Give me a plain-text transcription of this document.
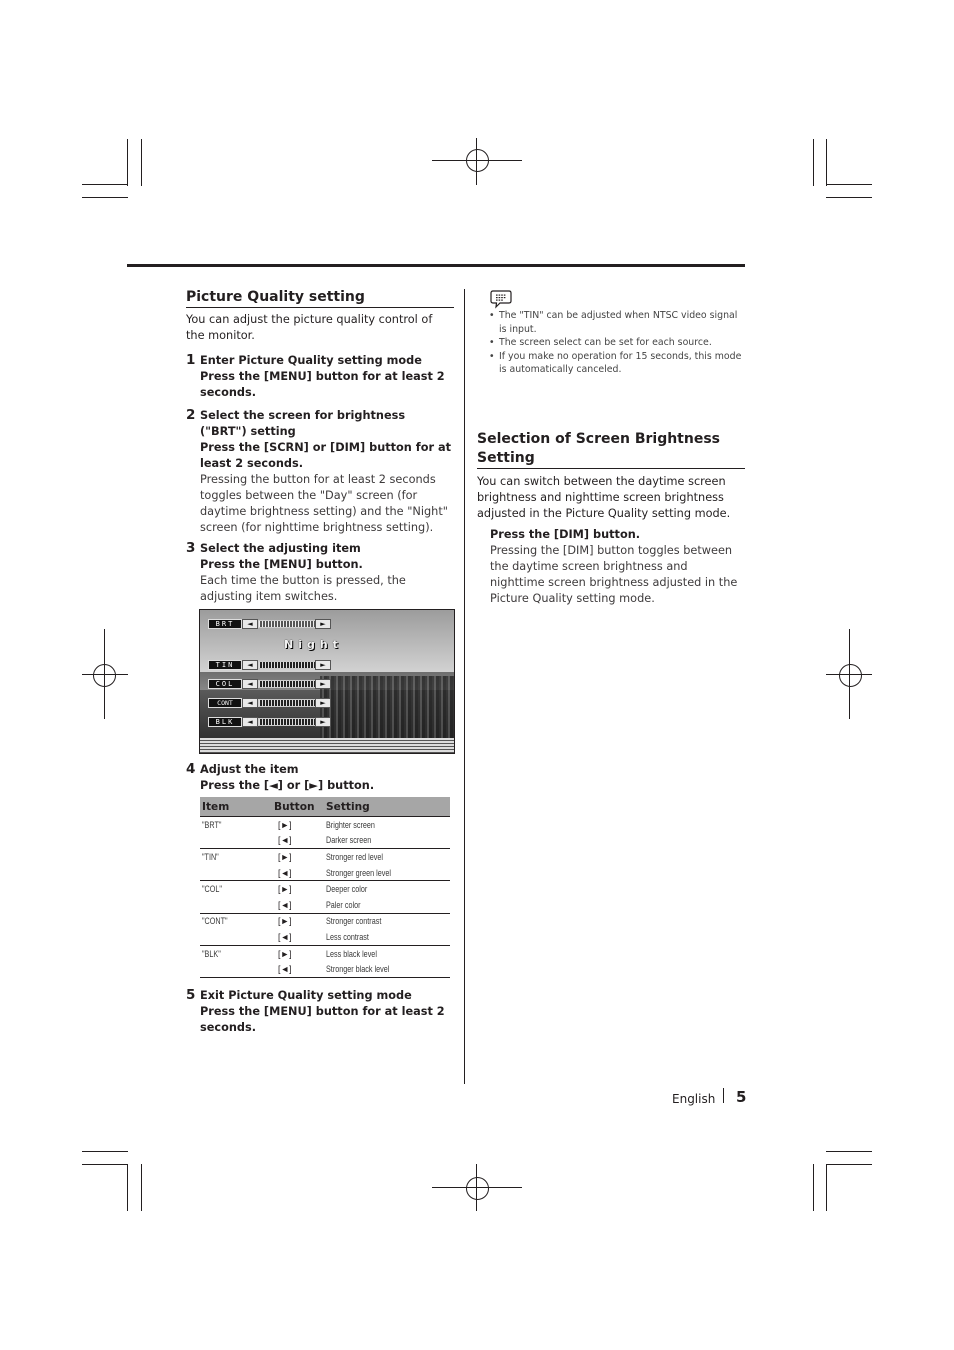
Picture Quality setting
You can adjust the picture quality control of the monitor.
1 Enter Picture Quality setting mode
Press the [MENU] button for at least 2 seconds.
2 Select the screen for brightness ("BRT") setting
Press the [SCRN] or [DIM] button for at least 2 seconds.
Pressing the button for at least 2 seconds toggles between the "Day" screen (for daytime brightness setting) and the "Night" screen (for nighttime brightness setting).
3 Select the adjusting item
Press the [MENU] button.
Each time the button is pressed, the adjusting item switches.
BRT	◄	►
Night
TIN	◄	►
COL	◄	►
CONT	◄	►
BLK	◄	►
4 Adjust the item
Press the [◄] or [►] button.
Item	Button	Setting
"BRT"	[►]	Brighter screen
	[◄]	Darker screen
"TIN"	[►]	Stronger red level
	[◄]	Stronger green level
"COL"	[►]	Deeper color
	[◄]	Paler color
"CONT"	[►]	Stronger contrast
	[◄]	Less contrast
"BLK"	[►]	Less black level
	[◄]	Stronger black level
5 Exit Picture Quality setting mode
Press the [MENU] button for at least 2 seconds.
• The "TIN" can be adjusted when NTSC video signal is input.
• The screen select can be set for each source.
• If you make no operation for 15 seconds, this mode is automatically canceled.
Selection of Screen Brightness
Setting
You can switch between the daytime screen brightness and nighttime screen brightness adjusted in the Picture Quality setting mode.
Press the [DIM] button.
Pressing the [DIM] button toggles between the daytime screen brightness and nighttime screen brightness adjusted in the Picture Quality setting mode.
English 5
